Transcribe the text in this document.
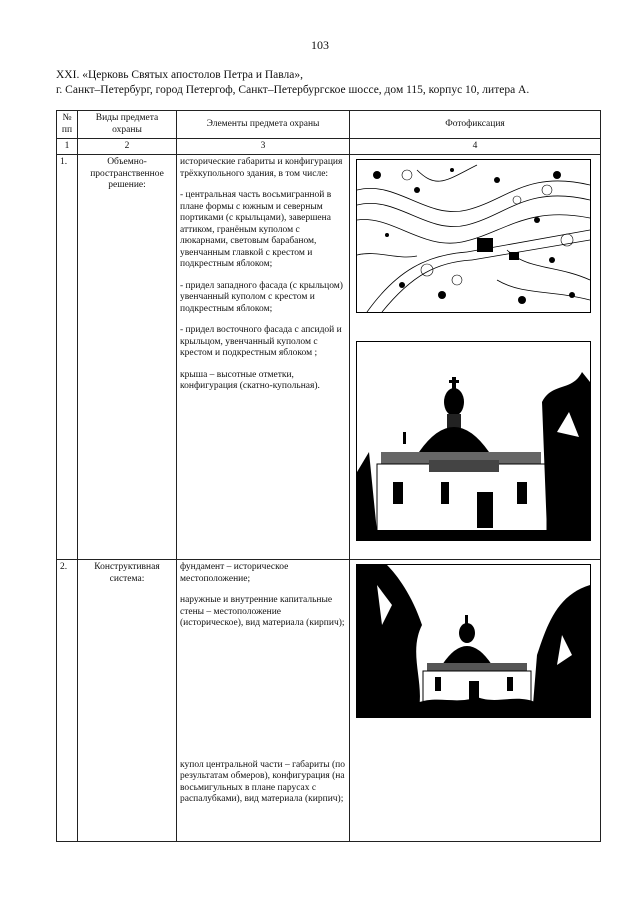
103
XXI. «Церковь Святых апостолов Петра и Павла»,
г. Санкт–Петербург, город Петергоф, Санкт–Петербургское шоссе, дом 115, корпус 10, литера А.
№ пп	Виды предмета охраны	Элементы предмета охраны	Фотофиксация
1	2	3	4
1.	Объемно-пространственное решение:	исторические габариты и конфигурация трёхкупольного здания, в том числе:

- центральная часть восьмигранной в плане формы с южным и северным портиками (с крыльцами), завершена аттиком, гранёным куполом с люкарнами, световым барабаном, увенчанным главкой с крестом и подкрестным яблоком;

- придел западного фасада (с крыльцом) увенчанный куполом с крестом и подкрестным яблоком;

- придел восточного фасада с апсидой и крыльцом, увенчанный куполом с крестом и подкрестным яблоком ;

крыша – высотные отметки, конфигурация (скатно-купольная).

2.	Конструктивная система:	фундамент – историческое местоположение;

наружные и внутренние капитальные стены – местоположение (историческое), вид материала (кирпич);

купол центральной части – габариты (по результатам обмеров), конфигурация (на восьмигульных в плане парусах с распалубками), вид материала (кирпич);
